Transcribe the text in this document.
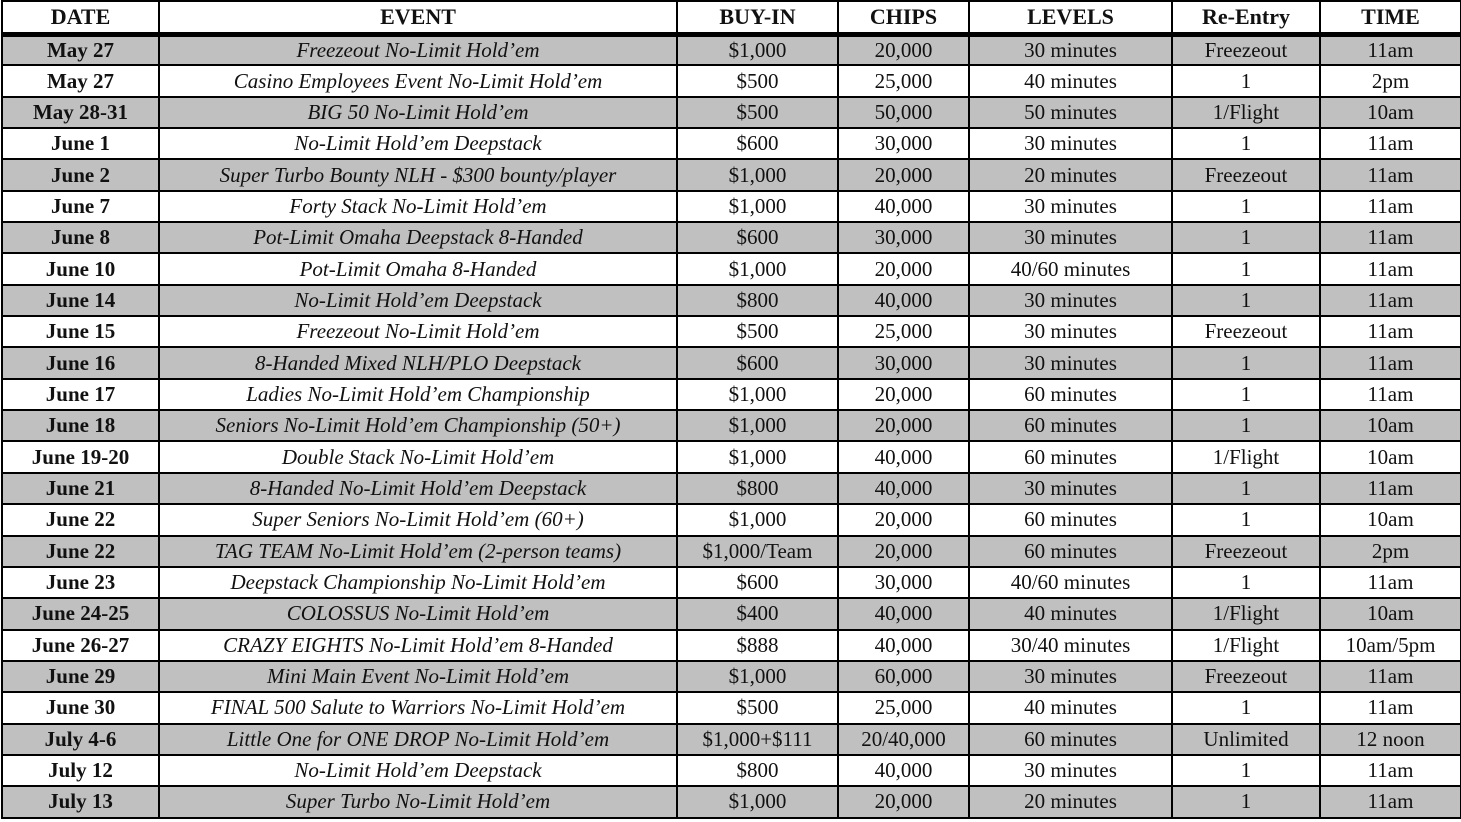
DATE	EVENT	BUY-IN	CHIPS	LEVELS	Re-Entry	TIME
May 27	Freezeout No-Limit Hold’em	$1,000	20,000	30 minutes	Freezeout	11am
May 27	Casino Employees Event No-Limit Hold’em	$500	25,000	40 minutes	1	2pm
May 28-31	BIG 50 No-Limit Hold’em	$500	50,000	50 minutes	1/Flight	10am
June 1	No-Limit Hold’em Deepstack	$600	30,000	30 minutes	1	11am
June 2	Super Turbo Bounty NLH - $300 bounty/player	$1,000	20,000	20 minutes	Freezeout	11am
June 7	Forty Stack No-Limit Hold’em	$1,000	40,000	30 minutes	1	11am
June 8	Pot-Limit Omaha Deepstack 8-Handed	$600	30,000	30 minutes	1	11am
June 10	Pot-Limit Omaha 8-Handed	$1,000	20,000	40/60 minutes	1	11am
June 14	No-Limit Hold’em Deepstack	$800	40,000	30 minutes	1	11am
June 15	Freezeout No-Limit Hold’em	$500	25,000	30 minutes	Freezeout	11am
June 16	8-Handed Mixed NLH/PLO Deepstack	$600	30,000	30 minutes	1	11am
June 17	Ladies No-Limit Hold’em Championship	$1,000	20,000	60 minutes	1	11am
June 18	Seniors No-Limit Hold’em Championship (50+)	$1,000	20,000	60 minutes	1	10am
June 19-20	Double Stack No-Limit Hold’em	$1,000	40,000	60 minutes	1/Flight	10am
June 21	8-Handed No-Limit Hold’em Deepstack	$800	40,000	30 minutes	1	11am
June 22	Super Seniors No-Limit Hold’em (60+)	$1,000	20,000	60 minutes	1	10am
June 22	TAG TEAM No-Limit Hold’em (2-person teams)	$1,000/Team	20,000	60 minutes	Freezeout	2pm
June 23	Deepstack Championship No-Limit Hold’em	$600	30,000	40/60 minutes	1	11am
June 24-25	COLOSSUS No-Limit Hold’em	$400	40,000	40 minutes	1/Flight	10am
June 26-27	CRAZY EIGHTS No-Limit Hold’em 8-Handed	$888	40,000	30/40 minutes	1/Flight	10am/5pm
June 29	Mini Main Event No-Limit Hold’em	$1,000	60,000	30 minutes	Freezeout	11am
June 30	FINAL 500 Salute to Warriors No-Limit Hold’em	$500	25,000	40 minutes	1	11am
July 4-6	Little One for ONE DROP No-Limit Hold’em	$1,000+$111	20/40,000	60 minutes	Unlimited	12 noon
July 12	No-Limit Hold’em Deepstack	$800	40,000	30 minutes	1	11am
July 13	Super Turbo No-Limit Hold’em	$1,000	20,000	20 minutes	1	11am
